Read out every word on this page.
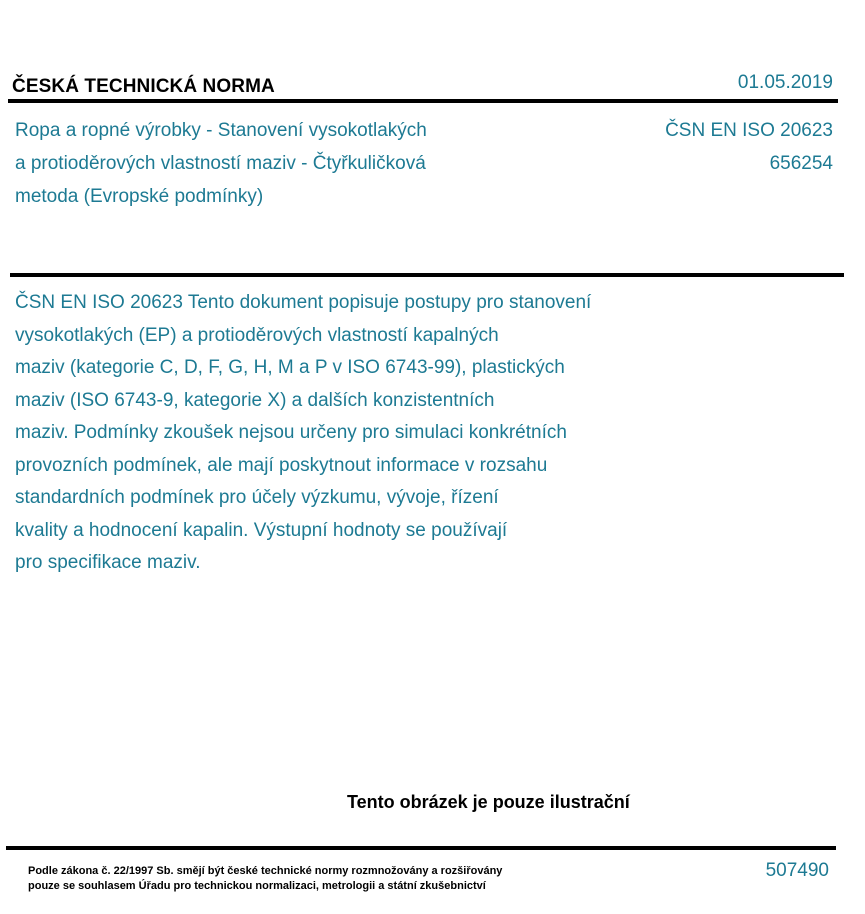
ČESKÁ TECHNICKÁ NORMA	01.05.2019
Ropa a ropné výrobky - Stanovení vysokotlakých
a protioděrových vlastností maziv - Čtyřkuličková
metoda (Evropské podmínky)
ČSN EN ISO 20623
656254
ČSN EN ISO 20623 Tento dokument popisuje postupy pro stanovení
vysokotlakých (EP) a protioděrových vlastností kapalných
maziv (kategorie C, D, F, G, H, M a P v ISO 6743-99), plastických
maziv (ISO 6743-9, kategorie X) a dalších konzistentních
maziv. Podmínky zkoušek nejsou určeny pro simulaci konkrétních
provozních podmínek, ale mají poskytnout informace v rozsahu
standardních podmínek pro účely výzkumu, vývoje, řízení
kvality a hodnocení kapalin. Výstupní hodnoty se používají
pro specifikace maziv.
Tento obrázek je pouze ilustrační
Podle zákona č. 22/1997 Sb. smějí být české technické normy rozmnožovány a rozšiřovány
pouze se souhlasem Úřadu pro technickou normalizaci, metrologii a státní zkušebnictví
507490
